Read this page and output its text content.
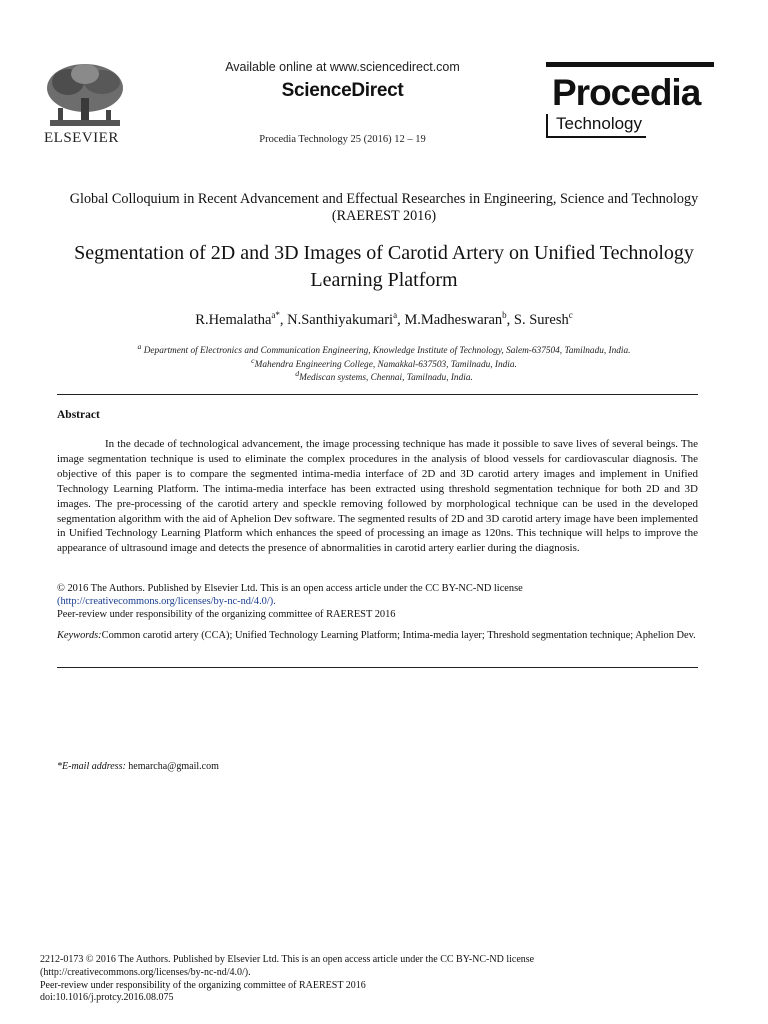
ELSEVIER
Available online at www.sciencedirect.com
ScienceDirect
Procedia Technology 25 (2016) 12 – 19
Procedia
Technology
Global Colloquium in Recent Advancement and Effectual Researches in Engineering, Science and Technology (RAEREST 2016)
Segmentation of 2D and 3D Images of Carotid Artery on Unified Technology Learning Platform
R.Hemalatha$^{a*}$, N.Santhiyakumari$^a$, M.Madheswaran$^b$, S. Suresh$^c$
$^a$ Department of Electronics and Communication Engineering, Knowledge Institute of Technology, Salem-637504, Tamilnadu, India.
$^c$Mahendra Engineering College, Namakkal-637503, Tamilnadu, India.
$^d$Mediscan systems, Chennai, Tamilnadu, India.
Abstract
In the decade of technological advancement, the image processing technique has made it possible to save lives of several beings. The image segmentation technique is used to eliminate the complex procedures in the analysis of blood vessels for cardiovascular diagnosis. The objective of this paper is to compare the segmented intima-media interface of 2D and 3D carotid artery images and implement in Unified Technology Learning Platform. The intima-media interface has been extracted using threshold segmentation technique for both 2D and 3D images. The pre-processing of the carotid artery and speckle removing followed by morphological technique can be used in the developed segmentation algorithm with the aid of Aphelion Dev software. The segmented results of 2D and 3D carotid artery image have been implemented in Unified Technology Learning Platform which enhances the speed of processing an image as 120ns. This technique will helps to improve the appearance of ultrasound image and detects the presence of abnormalities in carotid artery earlier during the diagnosis.
© 2016 The Authors. Published by Elsevier Ltd. This is an open access article under the CC BY-NC-ND license
(http://creativecommons.org/licenses/by-nc-nd/4.0/).
Peer-review under responsibility of the organizing committee of RAEREST 2016
Keywords:Common carotid artery (CCA); Unified Technology Learning Platform; Intima-media layer; Threshold segmentation technique; Aphelion Dev.
*E-mail address: hemarcha@gmail.com
2212-0173 © 2016 The Authors. Published by Elsevier Ltd. This is an open access article under the CC BY-NC-ND license
(http://creativecommons.org/licenses/by-nc-nd/4.0/).
Peer-review under responsibility of the organizing committee of RAEREST 2016
doi:10.1016/j.protcy.2016.08.075
